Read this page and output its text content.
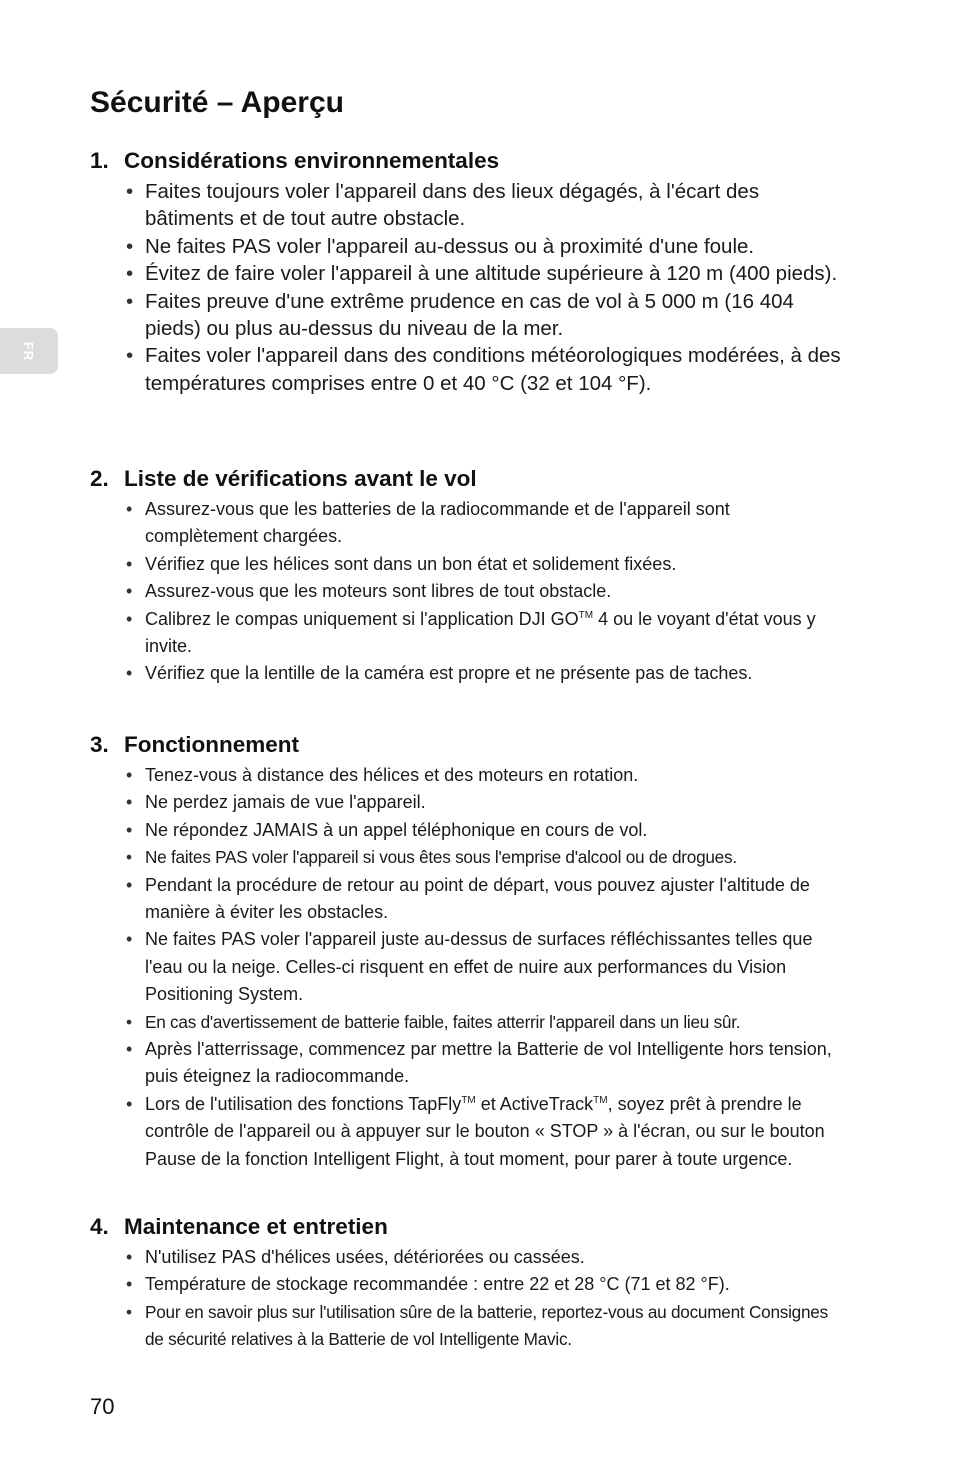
FR
Sécurité – Aperçu
1. Considérations environnementales
• Faites toujours voler l'appareil dans des lieux dégagés, à l'écart des bâtiments et de tout autre obstacle.
• Ne faites PAS voler l'appareil au-dessus ou à proximité d'une foule.
• Évitez de faire voler l'appareil à une altitude supérieure à 120 m (400 pieds).
• Faites preuve d'une extrême prudence en cas de vol à 5 000 m (16 404 pieds) ou plus au-dessus du niveau de la mer.
• Faites voler l'appareil dans des conditions météorologiques modérées, à des températures comprises entre 0 et 40 °C (32 et 104 °F).
2. Liste de vérifications avant le vol
• Assurez-vous que les batteries de la radiocommande et de l'appareil sont complètement chargées.
• Vérifiez que les hélices sont dans un bon état et solidement fixées.
• Assurez-vous que les moteurs sont libres de tout obstacle.
• Calibrez le compas uniquement si l'application DJI GO™ 4 ou le voyant d'état vous y invite.
• Vérifiez que la lentille de la caméra est propre et ne présente pas de taches.
3. Fonctionnement
• Tenez-vous à distance des hélices et des moteurs en rotation.
• Ne perdez jamais de vue l'appareil.
• Ne répondez JAMAIS à un appel téléphonique en cours de vol.
• Ne faites PAS voler l'appareil si vous êtes sous l'emprise d'alcool ou de drogues.
• Pendant la procédure de retour au point de départ, vous pouvez ajuster l'altitude de manière à éviter les obstacles.
• Ne faites PAS voler l'appareil juste au-dessus de surfaces réfléchissantes telles que l'eau ou la neige. Celles-ci risquent en effet de nuire aux performances du Vision Positioning System.
• En cas d'avertissement de batterie faible, faites atterrir l'appareil dans un lieu sûr.
• Après l'atterrissage, commencez par mettre la Batterie de vol Intelligente hors tension, puis éteignez la radiocommande.
• Lors de l'utilisation des fonctions TapFly™ et ActiveTrack™, soyez prêt à prendre le contrôle de l'appareil ou à appuyer sur le bouton « STOP » à l'écran, ou sur le bouton Pause de la fonction Intelligent Flight, à tout moment, pour parer à toute urgence.
4. Maintenance et entretien
• N'utilisez PAS d'hélices usées, détériorées ou cassées.
• Température de stockage recommandée : entre 22 et 28 °C (71 et 82 °F).
• Pour en savoir plus sur l'utilisation sûre de la batterie, reportez-vous au document Consignes de sécurité relatives à la Batterie de vol Intelligente Mavic.
70
